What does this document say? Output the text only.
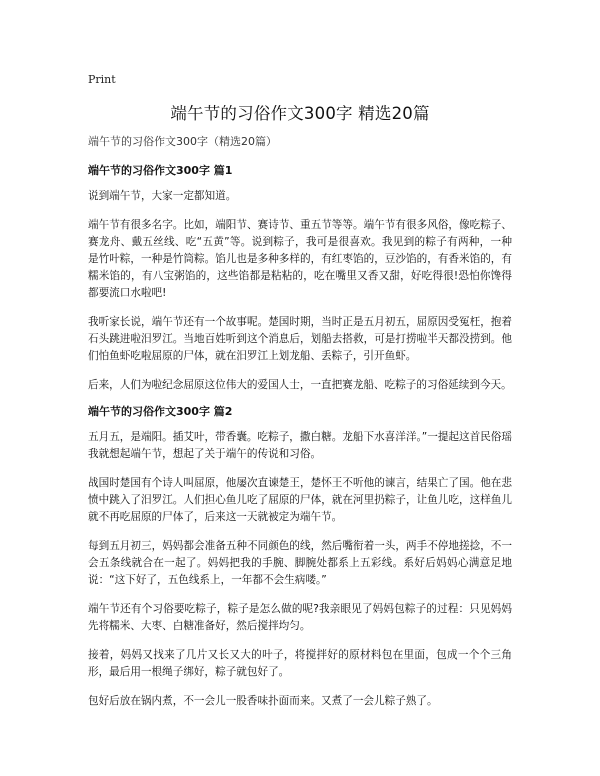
Print
端午节的习俗作文300字 精选20篇
端午节的习俗作文300字（精选20篇）
端午节的习俗作文300字 篇1

说到端午节，大家一定都知道。

端午节有很多名字。比如，端阳节、赛诗节、重五节等等。端午节有很多风俗，像吃粽子、赛龙舟、戴五丝线、吃“五黄”等。说到粽子，我可是很喜欢。我见到的粽子有两种，一种是竹叶粽，一种是竹筒粽。馅儿也是多种多样的，有红枣馅的，豆沙馅的，有香米馅的，有糯米馅的，有八宝粥馅的，这些馅都是粘粘的，吃在嘴里又香又甜，好吃得很!恐怕你馋得都要流口水啦吧!

我听家长说，端午节还有一个故事呢。楚国时期，当时正是五月初五，屈原因受冤枉，抱着石头跳进啦汨罗江。当地百姓听到这个消息后，划船去搭救，可是打捞啦半天都没捞到。他们怕鱼虾吃啦屈原的尸体，就在汨罗江上划龙船、丢粽子，引开鱼虾。

后来，人们为啦纪念屈原这位伟大的爱国人士，一直把赛龙船、吃粽子的习俗延续到今天。

端午节的习俗作文300字 篇2

五月五，是端阳。插艾叶，带香囊。吃粽子，撒白糖。龙船下水喜洋洋。”一提起这首民俗瑶我就想起端午节，想起了关于端午的传说和习俗。

战国时楚国有个诗人叫屈原，他屡次直谏楚王，楚怀王不听他的谏言，结果亡了国。他在悲愤中跳入了汨罗江。人们担心鱼儿吃了屈原的尸体，就在河里扔粽子，让鱼儿吃，这样鱼儿就不再吃屈原的尸体了，后来这一天就被定为端午节。

每到五月初三，妈妈都会准备五种不同颜色的线，然后嘴衔着一头，两手不停地搓捻，不一会五条线就合在一起了。妈妈把我的手腕、脚腕处都系上五彩线。系好后妈妈心满意足地说：“这下好了，五色线系上，一年都不会生病喽。”

端午节还有个习俗要吃粽子，粽子是怎么做的呢?我亲眼见了妈妈包粽子的过程：只见妈妈先将糯米、大枣、白糖准备好，然后搅拌均匀。

接着，妈妈又找来了几片又长又大的叶子，将搅拌好的原材料包在里面，包成一个个三角形，最后用一根绳子绑好，粽子就包好了。

包好后放在锅内煮，不一会儿一股香味扑面而来。又煮了一会儿粽子熟了。
